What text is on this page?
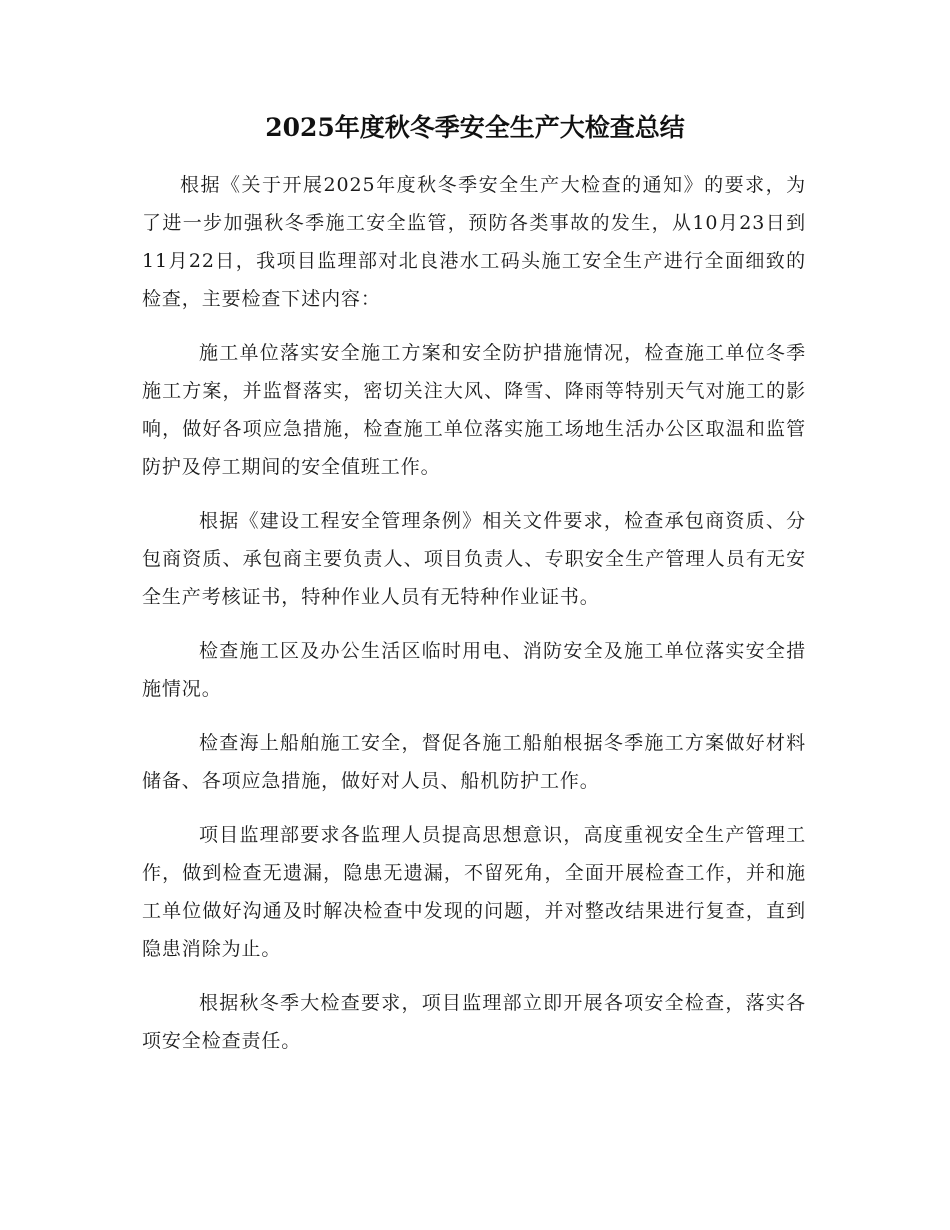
2025年度秋冬季安全生产大检查总结

根据《关于开展2025年度秋冬季安全生产大检查的通知》的要求，为了进一步加强秋冬季施工安全监管，预防各类事故的发生，从10月23日到11月22日，我项目监理部对北良港水工码头施工安全生产进行全面细致的检查，主要检查下述内容：

施工单位落实安全施工方案和安全防护措施情况，检查施工单位冬季施工方案，并监督落实，密切关注大风、降雪、降雨等特别天气对施工的影响，做好各项应急措施，检查施工单位落实施工场地生活办公区取温和监管防护及停工期间的安全值班工作。

根据《建设工程安全管理条例》相关文件要求，检查承包商资质、分包商资质、承包商主要负责人、项目负责人、专职安全生产管理人员有无安全生产考核证书，特种作业人员有无特种作业证书。

检查施工区及办公生活区临时用电、消防安全及施工单位落实安全措施情况。

检查海上船舶施工安全，督促各施工船舶根据冬季施工方案做好材料储备、各项应急措施，做好对人员、船机防护工作。

项目监理部要求各监理人员提高思想意识，高度重视安全生产管理工作，做到检查无遗漏，隐患无遗漏，不留死角，全面开展检查工作，并和施工单位做好沟通及时解决检查中发现的问题，并对整改结果进行复查，直到隐患消除为止。

根据秋冬季大检查要求，项目监理部立即开展各项安全检查，落实各项安全检查责任。
